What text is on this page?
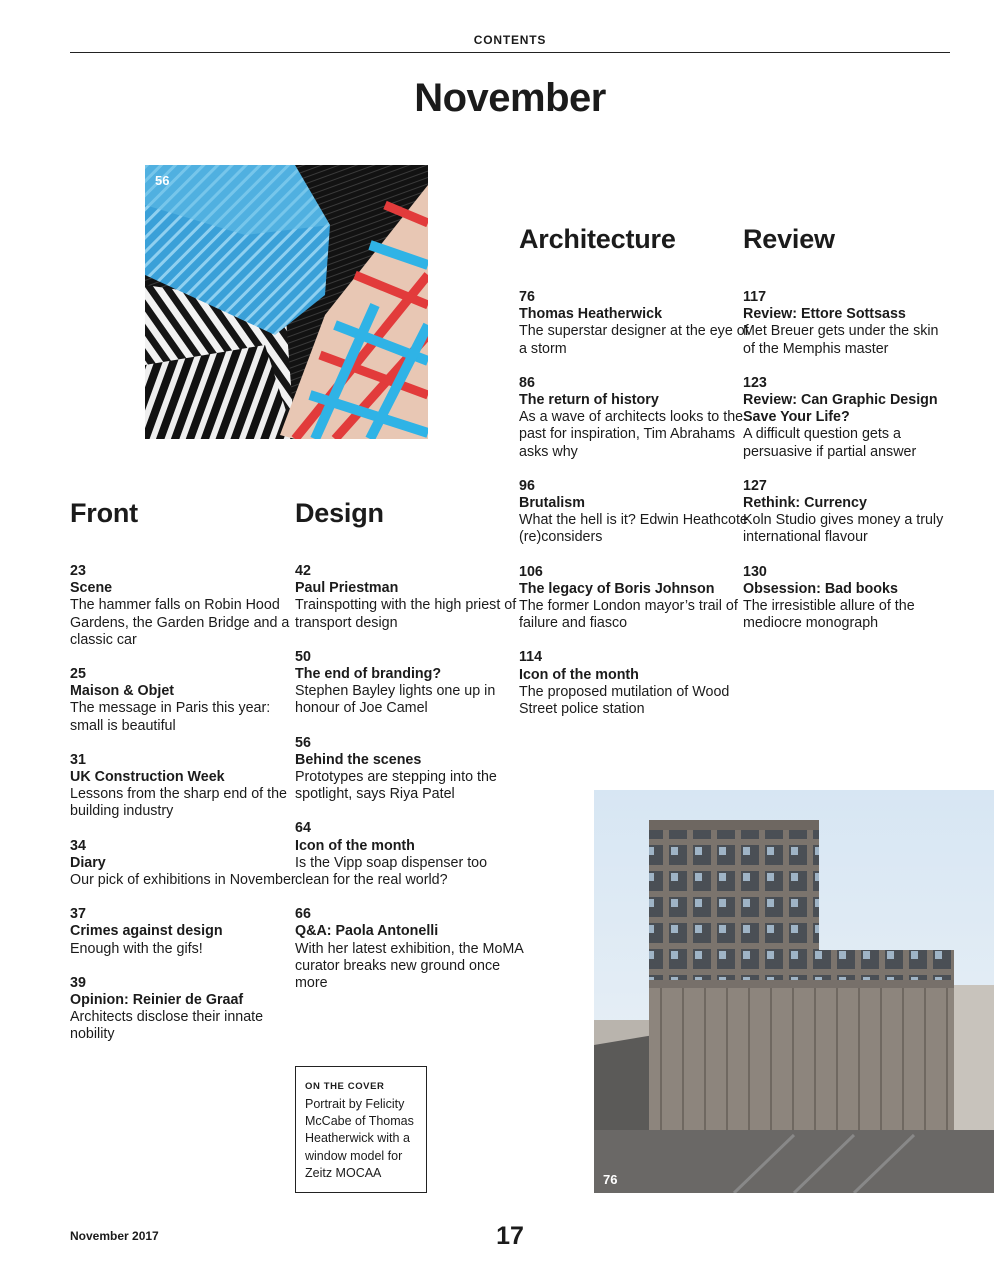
CONTENTS
November
56
76
Front	Design
Architecture Review
23
Scene
The hammer falls on Robin Hood Gardens, the Garden Bridge and a classic car
25
Maison & Objet
The message in Paris this year: small is beautiful
31
UK Construction Week
Lessons from the sharp end of the building industry
34
Diary
Our pick of exhibitions in November
37
Crimes against design
Enough with the gifs!
39
Opinion: Reinier de Graaf
Architects disclose their innate nobility
42
Paul Priestman
Trainspotting with the high priest of transport design
50
The end of branding?
Stephen Bayley lights one up in honour of Joe Camel
56
Behind the scenes
Prototypes are stepping into the spotlight, says Riya Patel
64
Icon of the month
Is the Vipp soap dispenser too clean for the real world?
66
Q&A: Paola Antonelli
With her latest exhibition, the MoMA curator breaks new ground once more
76
Thomas Heatherwick
The superstar designer at the eye of a storm
86
The return of history
As a wave of architects looks to the past for inspiration, Tim Abrahams asks why
96
Brutalism
What the hell is it? Edwin Heathcote (re)considers
106
The legacy of Boris Johnson
The former London mayor’s trail of failure and fiasco
114
Icon of the month
The proposed mutilation of Wood Street police station
117
Review: Ettore Sottsass
Met Breuer gets under the skin of the Memphis master
123
Review: Can Graphic Design Save Your Life?
A difficult question gets a persuasive if partial answer
127
Rethink: Currency
Koln Studio gives money a truly international flavour
130
Obsession: Bad books
The irresistible allure of the mediocre monograph
ON THE COVER
Portrait by Felicity McCabe of Thomas Heatherwick with a window model for Zeitz MOCAA
November 2017	17
